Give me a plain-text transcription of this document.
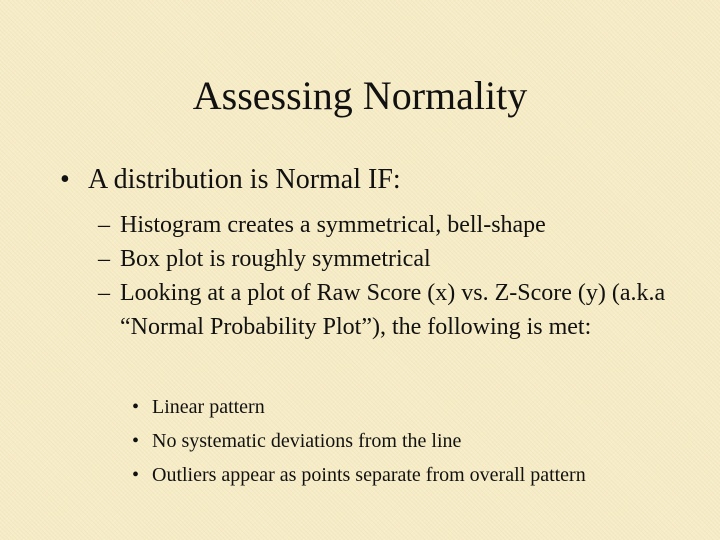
Assessing Normality
• A distribution is Normal IF:
– Histogram creates a symmetrical, bell-shape
– Box plot is roughly symmetrical
– Looking at a plot of Raw Score (x) vs. Z-Score (y) (a.k.a “Normal Probability Plot”), the following is met:
• Linear pattern
• No systematic deviations from the line
• Outliers appear as points separate from overall pattern
